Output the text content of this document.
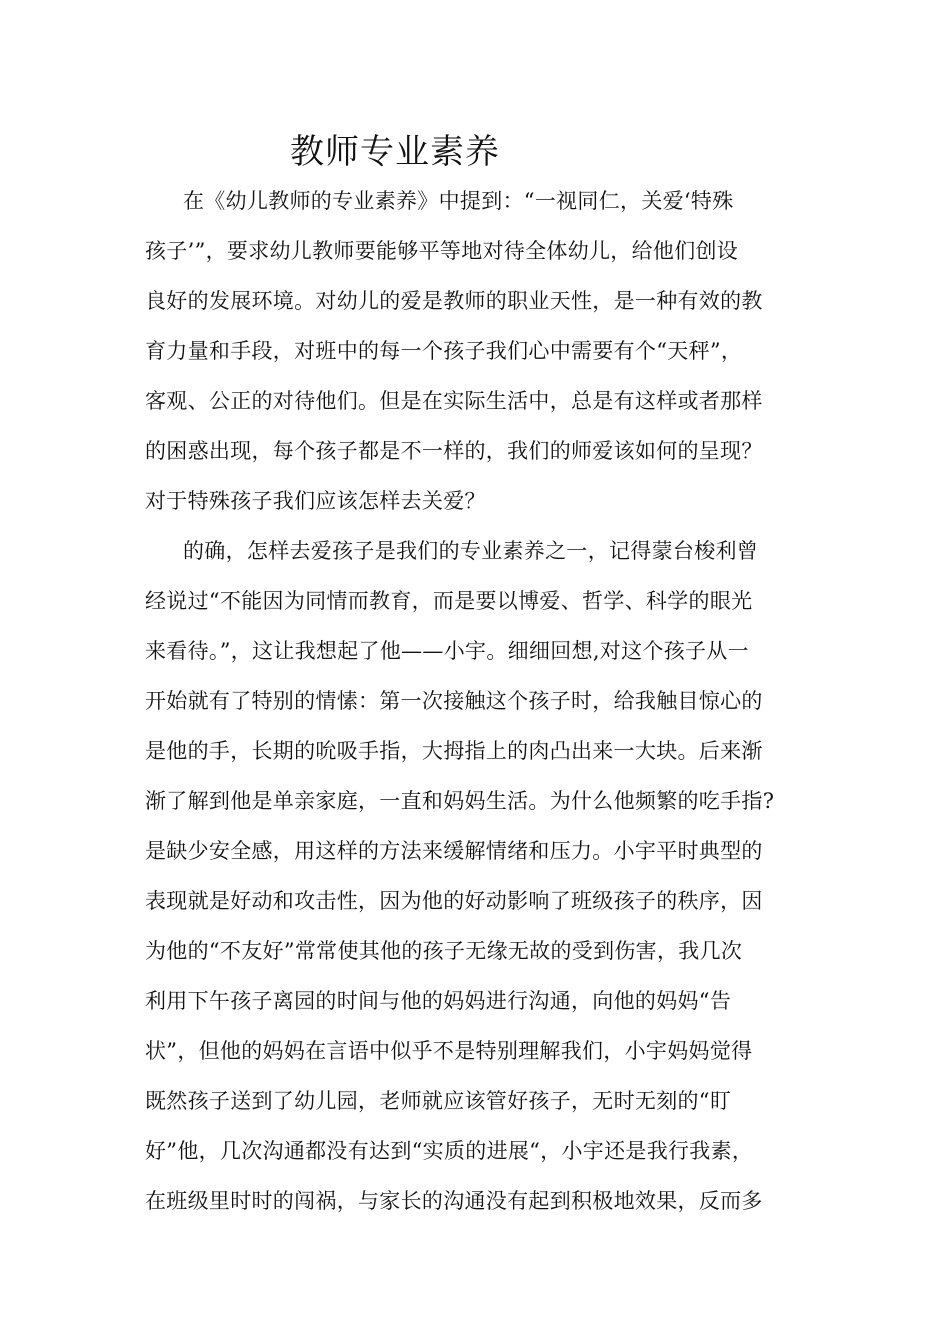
教师专业素养
在《幼儿教师的专业素养》中提到：“一视同仁，关爱‘特殊
孩子’”，要求幼儿教师要能够平等地对待全体幼儿，给他们创设
良好的发展环境。对幼儿的爱是教师的职业天性，是一种有效的教
育力量和手段，对班中的每一个孩子我们心中需要有个“天秤”，
客观、公正的对待他们。但是在实际生活中，总是有这样或者那样
的困惑出现，每个孩子都是不一样的，我们的师爱该如何的呈现？
对于特殊孩子我们应该怎样去关爱？
的确，怎样去爱孩子是我们的专业素养之一，记得蒙台梭利曾
经说过“不能因为同情而教育，而是要以博爱、哲学、科学的眼光
来看待。”，这让我想起了他——小宇。细细回想,对这个孩子从一
开始就有了特别的情愫：第一次接触这个孩子时，给我触目惊心的
是他的手，长期的吮吸手指，大拇指上的肉凸出来一大块。后来渐
渐了解到他是单亲家庭，一直和妈妈生活。为什么他频繁的吃手指?
是缺少安全感，用这样的方法来缓解情绪和压力。小宇平时典型的
表现就是好动和攻击性，因为他的好动影响了班级孩子的秩序，因
为他的“不友好”常常使其他的孩子无缘无故的受到伤害，我几次
利用下午孩子离园的时间与他的妈妈进行沟通，向他的妈妈“告
状”，但他的妈妈在言语中似乎不是特别理解我们，小宇妈妈觉得
既然孩子送到了幼儿园，老师就应该管好孩子，无时无刻的“盯
好”他，几次沟通都没有达到“实质的进展“，小宇还是我行我素，
在班级里时时的闯祸，与家长的沟通没有起到积极地效果，反而多
